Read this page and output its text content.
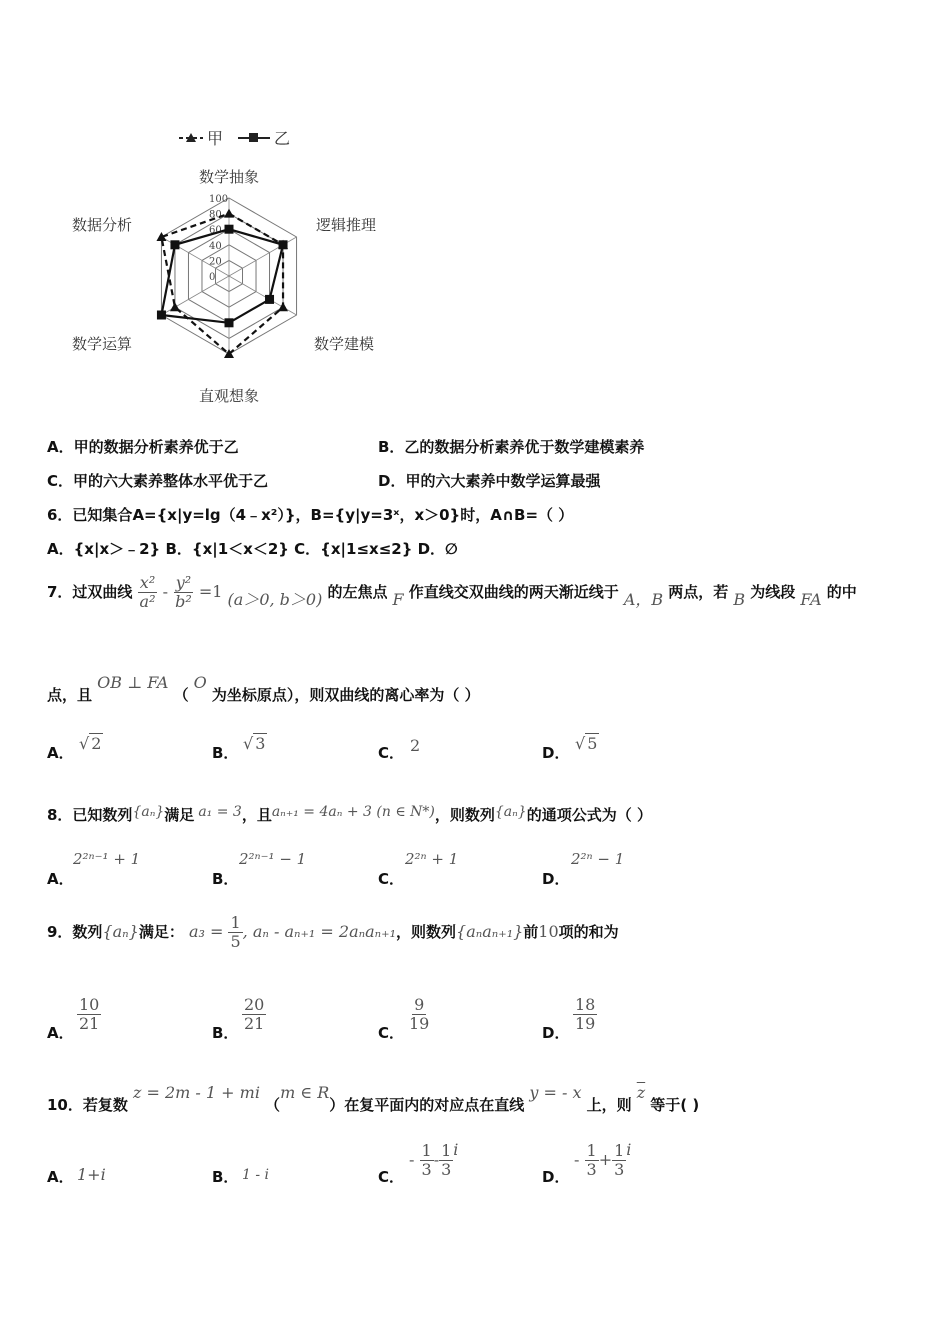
甲	乙
100
80
60
40
20
0
数学抽象
逻辑推理
数学建模
直观想象
数学运算
数据分析
A．甲的数据分析素养优于乙	B．乙的数据分析素养优于数学建模素养
C．甲的六大素养整体水平优于乙	D．甲的六大素养中数学运算最强
6．已知集合A={x|y=lg（4﹣x²）}，B={y|y=3ˣ，x＞0}时，A∩B=（ ）
A．{x|x＞﹣2} B．{x|1＜x＜2} C．{x|1≤x≤2} D．∅
7．过双曲线 $\frac{\text{x²}}{\text{a²}} - \frac{\text{y²}}{\text{b²}} =1$ (a＞0, b＞0) 的左焦点 F 作直线交双曲线的两天渐近线于 A，B 两点，若 B 为线段 FA 的中
点，且 OB ⊥ FA （ O 为坐标原点），则双曲线的离心率为（ ）
A． √ 2	B． √ 3	C． 2	D． √ 5
8．已知数列{𝑎ₙ}满足 𝑎₁ = 3，且𝑎ₙ₊₁ = 4𝑎ₙ + 3 (𝑛 ∈ 𝑁*)，则数列{𝑎ₙ}的通项公式为（ ）
A．
2²ⁿ⁻¹ + 1
B．
2²ⁿ⁻¹ − 1
C．
2²ⁿ + 1
D．
2²ⁿ − 1
9．数列{aₙ}满足： $a_3 = \frac{1}{5}$ , aₙ - aₙ₊₁ = 2aₙaₙ₊₁，则数列{aₙaₙ₊₁}前10项的和为
A． $\frac{10}{21}$	B． $\frac{20}{21}$	C． $\frac{9}{19}$	D． $\frac{18}{19}$
10．若复数 z = 2m - 1 + mi （m ∈ R）在复平面内的对应点在直线 y = - x 上，则 $\overline{z}$ 等于( )
A． 1+i	B． 1 - i	C．
- $\frac{1}{3} - \frac{1}{3}$ i
D．
- $\frac{1}{3} + \frac{1}{3}$ i
